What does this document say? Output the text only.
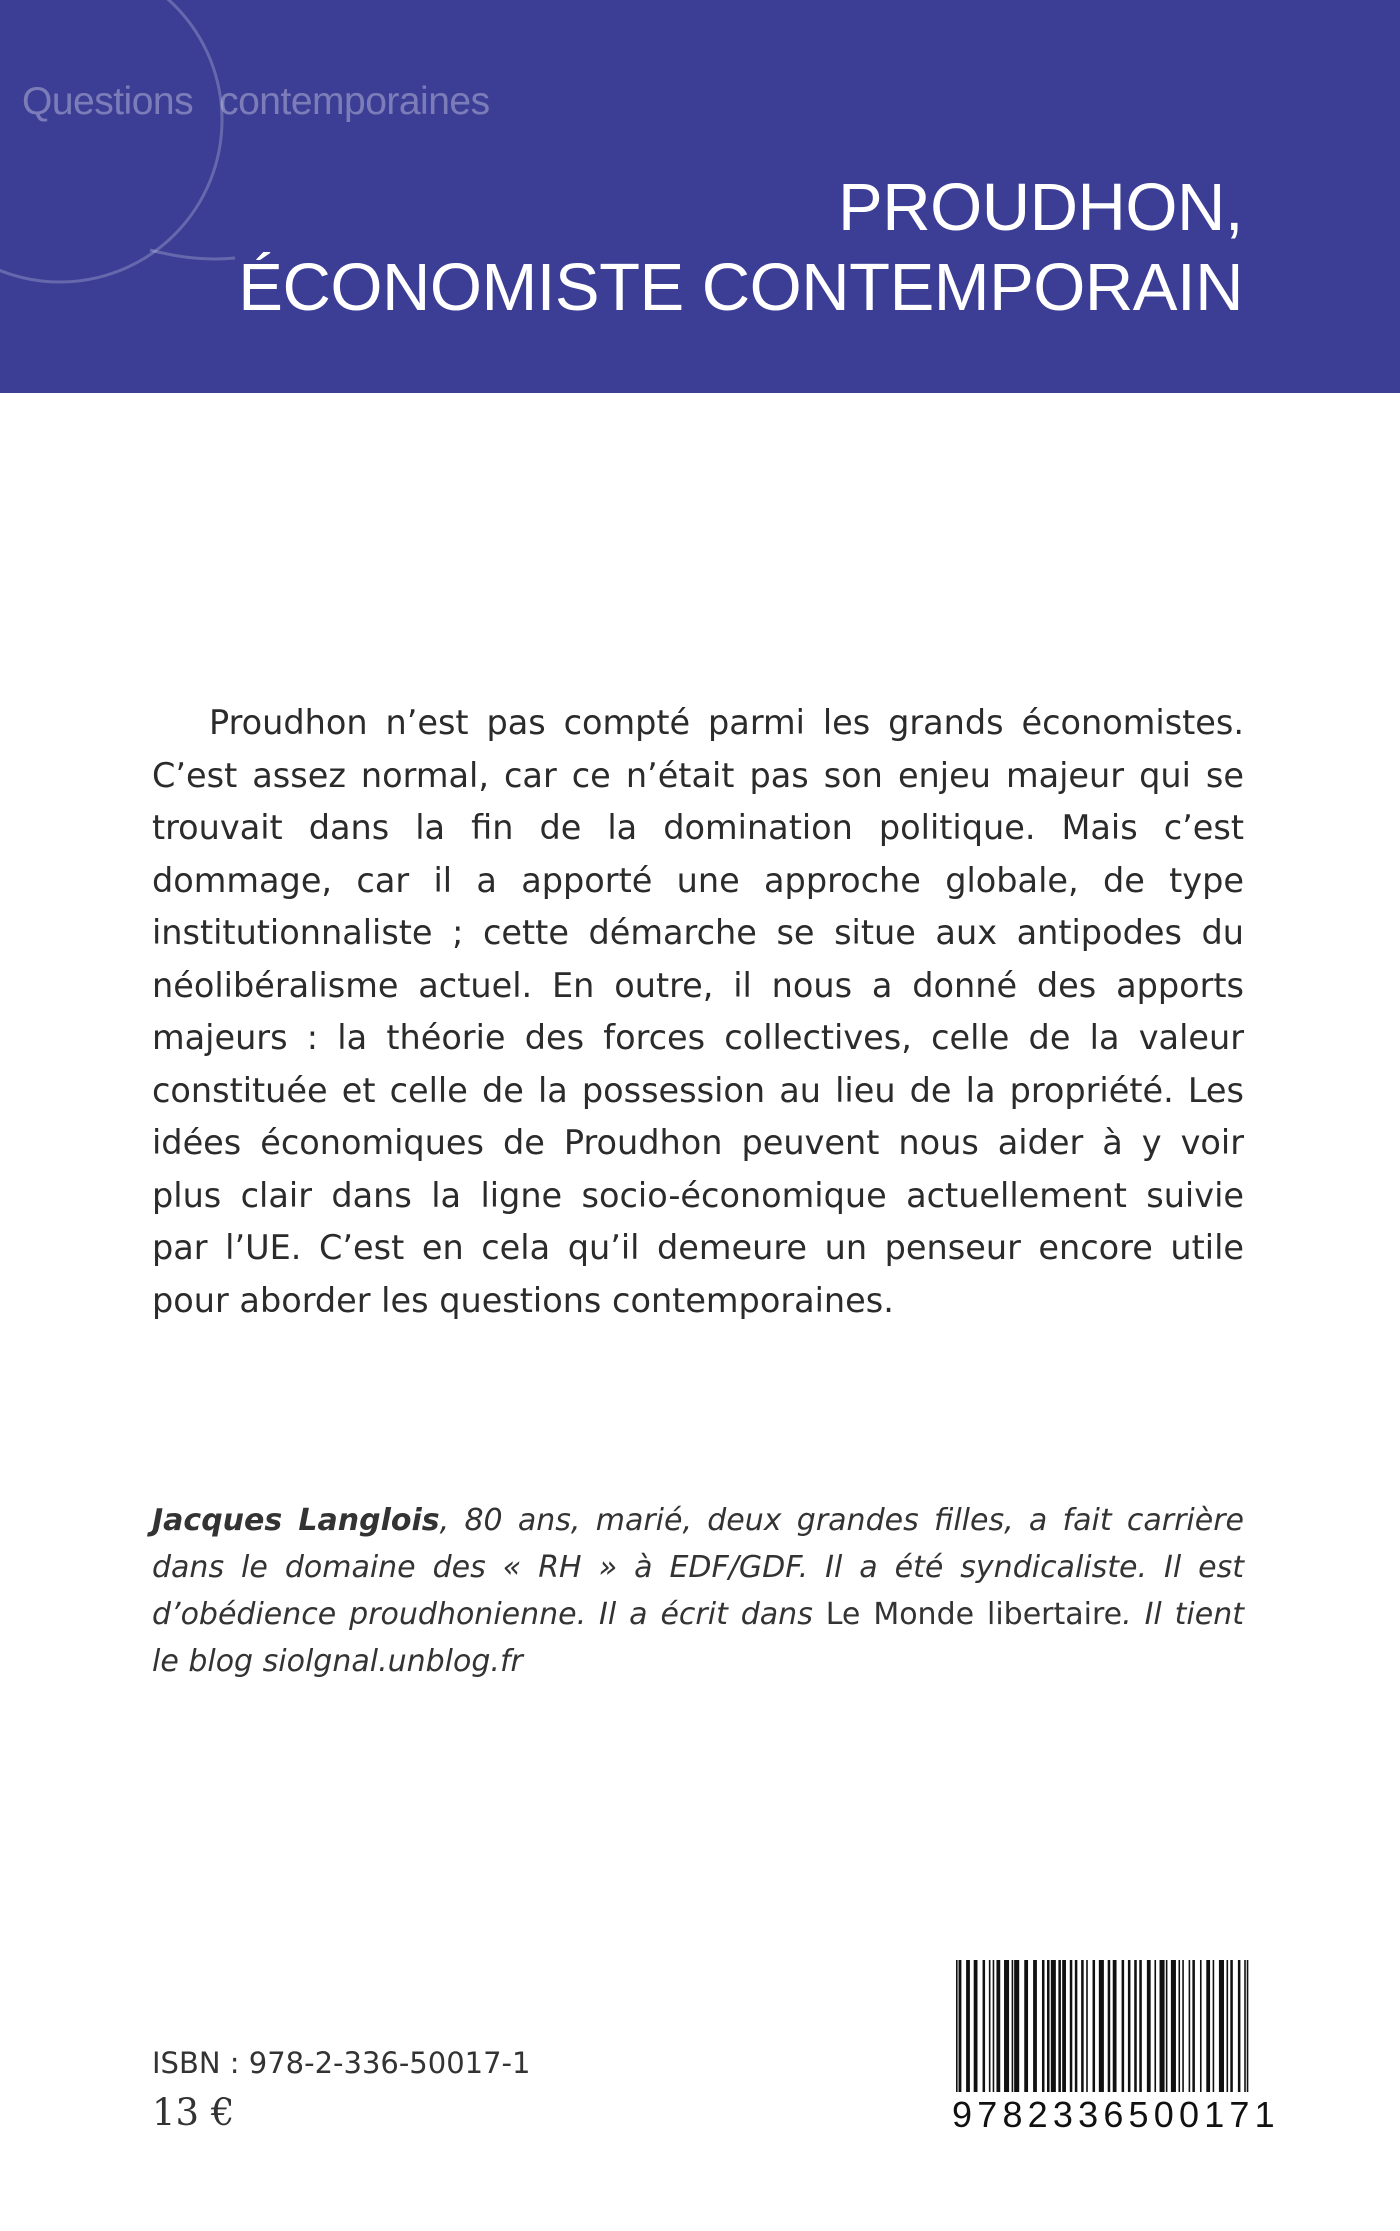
Questions contemporaines
PROUDHON,
ÉCONOMISTE CONTEMPORAIN

Proudhon n’est pas compté parmi les grands économistes. C’est assez normal, car ce n’était pas son enjeu majeur qui se trouvait dans la fin de la domination politique. Mais c’est dommage, car il a apporté une approche globale, de type institutionnaliste ; cette démarche se situe aux antipodes du néolibéralisme actuel. En outre, il nous a donné des apports majeurs : la théorie des forces collectives, celle de la valeur constituée et celle de la possession au lieu de la propriété. Les idées économiques de Proudhon peuvent nous aider à y voir plus clair dans la ligne socio-économique actuellement suivie par l’UE. C’est en cela qu’il demeure un penseur encore utile pour aborder les questions contemporaines.

Jacques Langlois, 80 ans, marié, deux grandes filles, a fait carrière dans le domaine des « RH » à EDF/GDF. Il a été syndicaliste. Il est d’obédience proudhonienne. Il a écrit dans Le Monde libertaire. Il tient le blog siolgnal.unblog.fr

ISBN : 978-2-336-50017-1
13 €	9782336500171
